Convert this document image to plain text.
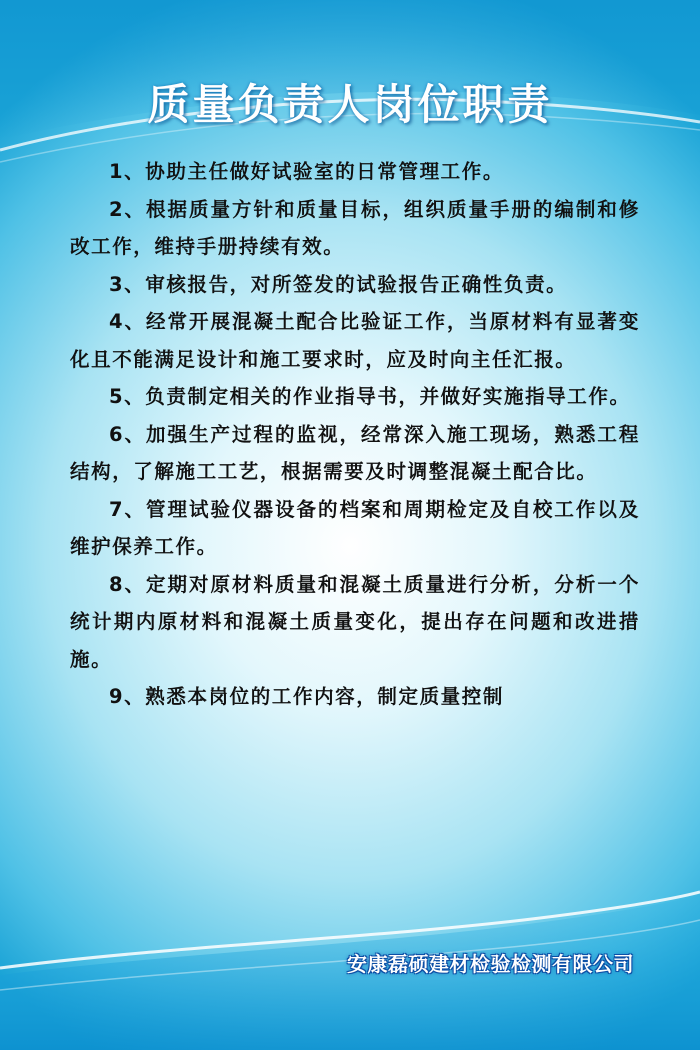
质量负责人岗位职责

1、协助主任做好试验室的日常管理工作。

2、根据质量方针和质量目标，组织质量手册的编制和修改工作，维持手册持续有效。

3、审核报告，对所签发的试验报告正确性负责。

4、经常开展混凝土配合比验证工作，当原材料有显著变化且不能满足设计和施工要求时，应及时向主任汇报。

5、负责制定相关的作业指导书，并做好实施指导工作。

6、加强生产过程的监视，经常深入施工现场，熟悉工程结构，了解施工工艺，根据需要及时调整混凝土配合比。

7、管理试验仪器设备的档案和周期检定及自校工作以及维护保养工作。

8、定期对原材料质量和混凝土质量进行分析，分析一个统计期内原材料和混凝土质量变化，提出存在问题和改进措施。

9、熟悉本岗位的工作内容，制定质量控制

安康磊硕建材检验检测有限公司
